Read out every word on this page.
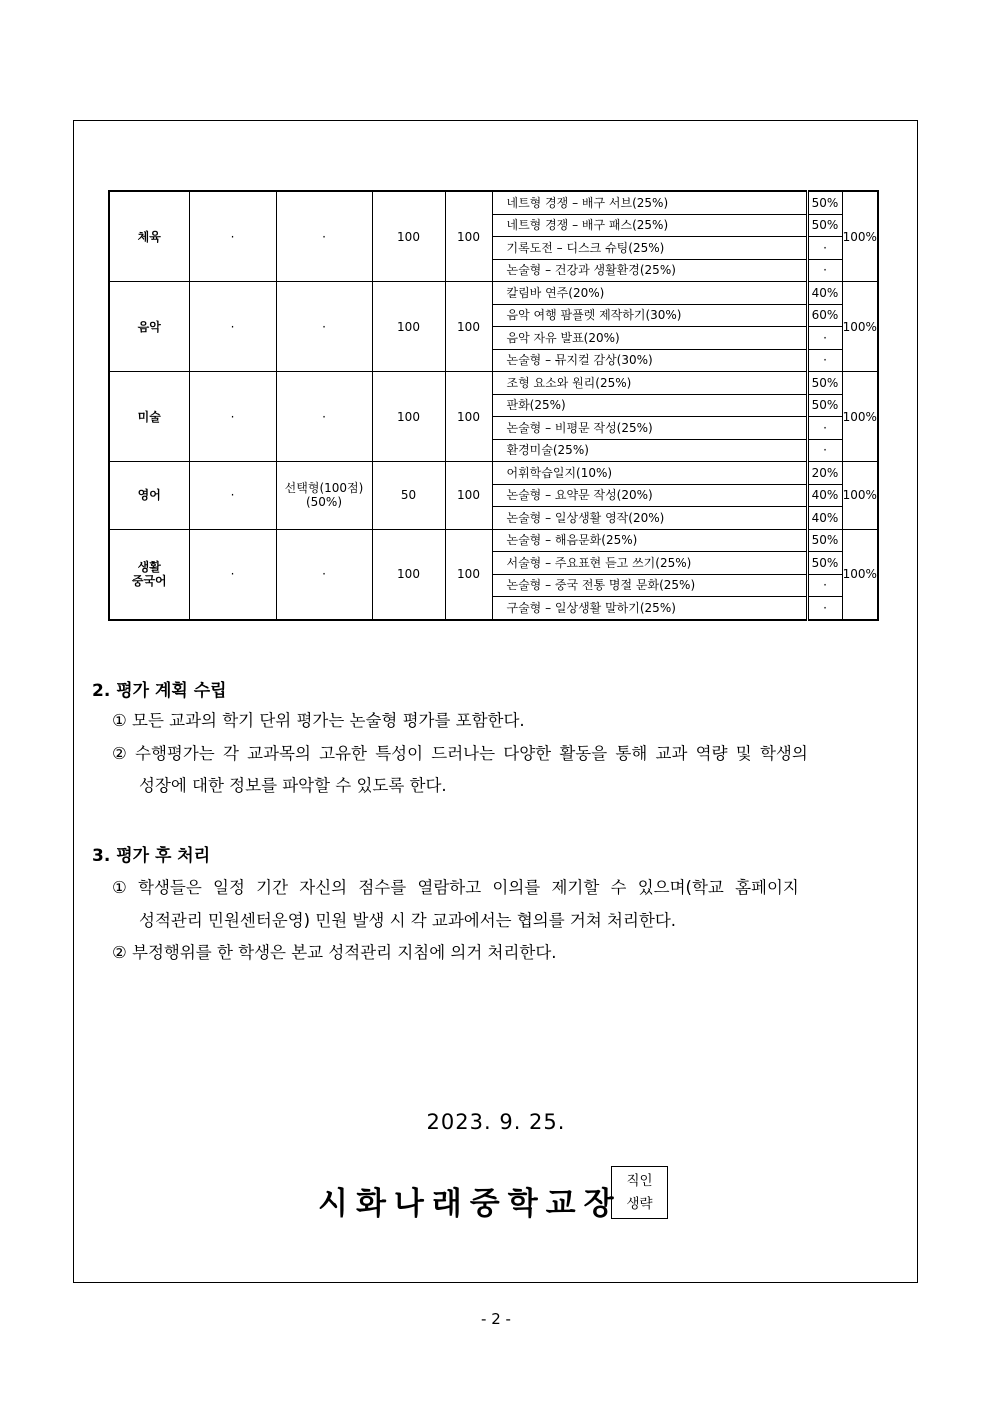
체육	·	·	100	100	네트형 경쟁 – 배구 서브(25%)	50%	100%
					네트형 경쟁 – 배구 패스(25%)	50%	
					기록도전 – 디스크 슈팅(25%)	·	
					논술형 – 건강과 생활환경(25%)	·	

음악	·	·	100	100	칼림바 연주(20%)	40%	100%
					음악 여행 팜플렛 제작하기(30%)	60%	
					음악 자유 발표(20%)	·	
					논술형 – 뮤지컬 감상(30%)	·	

미술	·	·	100	100	조형 요소와 원리(25%)	50%	100%
					판화(25%)	50%	
					논술형 – 비평문 작성(25%)	·	
					환경미술(25%)	·	

영어	·	선택형(100점)(50%)	50	100	어휘학습일지(10%)	20%	100%
					논술형 – 요약문 작성(20%)	40%	
					논술형 – 일상생활 영작(20%)	40%	

생활
중국어	·	·	100	100	논술형 – 해음문화(25%)	50%	100%
					서술형 – 주요표현 듣고 쓰기(25%)	50%	
					논술형 – 중국 전통 명절 문화(25%)	·	
					구술형 – 일상생활 말하기(25%)	·	
2. 평가 계획 수립
① 모든 교과의 학기 단위 평가는 논술형 평가를 포함한다.
② 수행평가는 각 교과목의 고유한 특성이 드러나는 다양한 활동을 통해 교과 역량 및 학생의
성장에 대한 정보를 파악할 수 있도록 한다.
3. 평가 후 처리
① 학생들은 일정 기간 자신의 점수를 열람하고 이의를 제기할 수 있으며(학교 홈페이지
성적관리 민원센터운영) 민원 발생 시 각 교과에서는 협의를 거쳐 처리한다.
② 부정행위를 한 학생은 본교 성적관리 지침에 의거 처리한다.
2023. 9. 25.
시화나래중학교장
직인
생략
- 2 -
